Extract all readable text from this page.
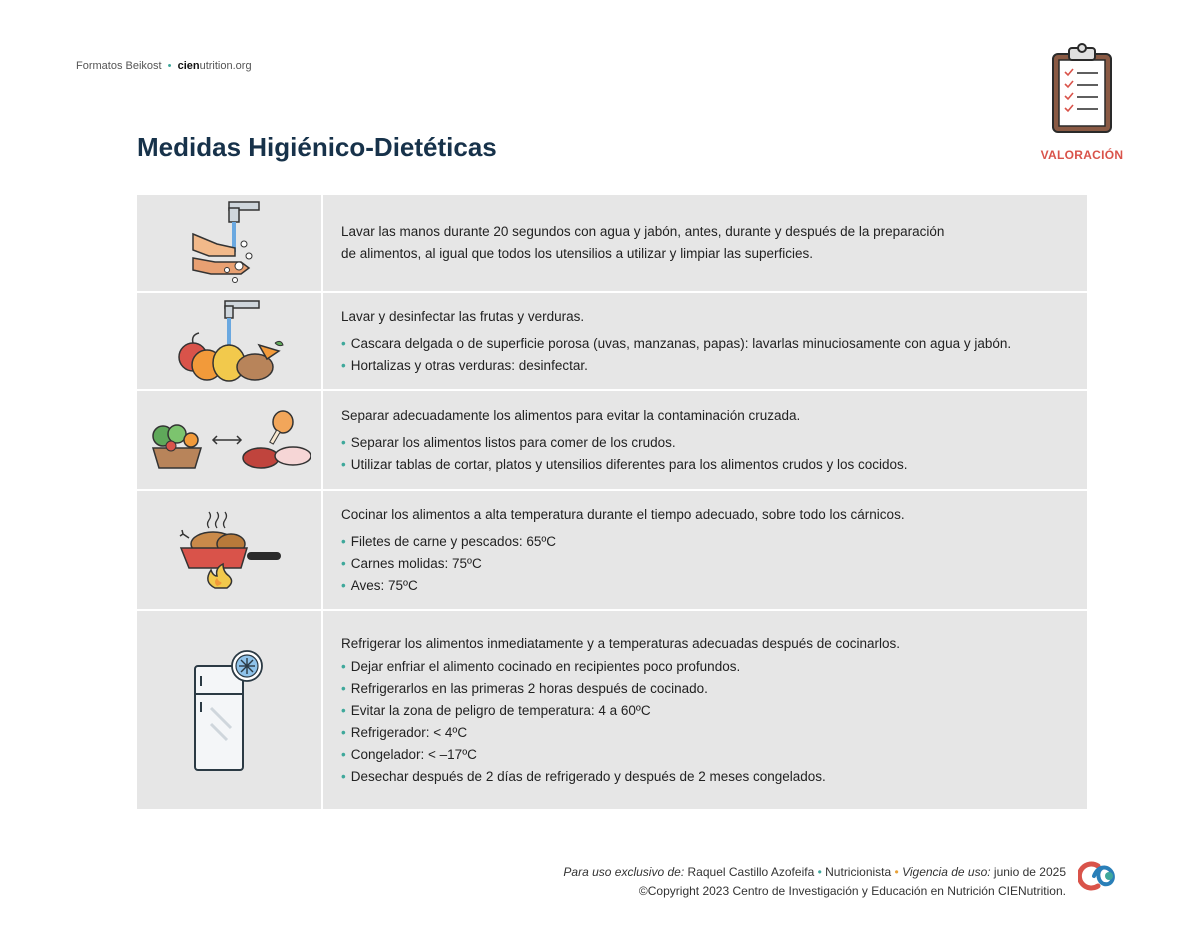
Formatos Beikost • cienutrition.org
VALORACIÓN
Medidas Higiénico-Dietéticas
Lavar las manos durante 20 segundos con agua y jabón, antes, durante y después de la preparación
de alimentos, al igual que todos los utensilios a utilizar y limpiar las superficies.
Lavar y desinfectar las frutas y verduras.
• Cascara delgada o de superficie porosa (uvas, manzanas, papas): lavarlas minuciosamente con agua y jabón.
• Hortalizas y otras verduras: desinfectar.
Separar adecuadamente los alimentos para evitar la contaminación cruzada.
• Separar los alimentos listos para comer de los crudos.
• Utilizar tablas de cortar, platos y utensilios diferentes para los alimentos crudos y los cocidos.
Cocinar los alimentos a alta temperatura durante el tiempo adecuado, sobre todo los cárnicos.
• Filetes de carne y pescados: 65ºC
• Carnes molidas: 75ºC
• Aves: 75ºC
Refrigerar los alimentos inmediatamente y a temperaturas adecuadas después de cocinarlos.
• Dejar enfriar el alimento cocinado en recipientes poco profundos.
• Refrigerarlos en las primeras 2 horas después de cocinado.
• Evitar la zona de peligro de temperatura: 4 a 60ºC
• Refrigerador: < 4ºC
• Congelador: < –17ºC
• Desechar después de 2 días de refrigerado y después de 2 meses congelados.
Para uso exclusivo de: Raquel Castillo Azofeifa • Nutricionista • Vigencia de uso: junio de 2025
©Copyright 2023 Centro de Investigación y Educación en Nutrición CIENutrition.
